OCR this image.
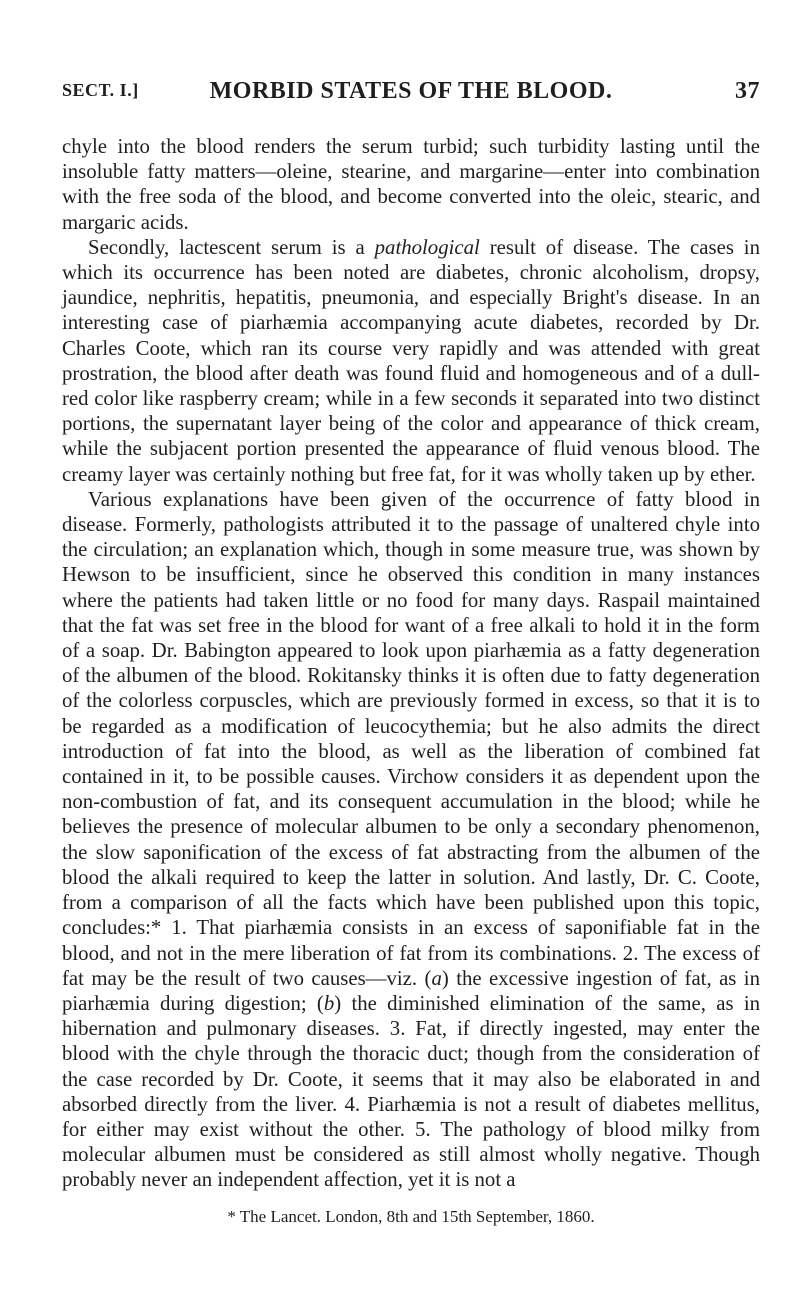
SECT. I.]	MORBID STATES OF THE BLOOD.	37

chyle into the blood renders the serum turbid; such turbidity lasting until the insoluble fatty matters—oleine, stearine, and margarine—enter into combination with the free soda of the blood, and become converted into the oleic, stearic, and margaric acids.

Secondly, lactescent serum is a pathological result of disease. The cases in which its occurrence has been noted are diabetes, chronic alcoholism, dropsy, jaundice, nephritis, hepatitis, pneumonia, and especially Bright's disease. In an interesting case of piarhæmia accompanying acute diabetes, recorded by Dr. Charles Coote, which ran its course very rapidly and was attended with great prostration, the blood after death was found fluid and homogeneous and of a dull-red color like raspberry cream; while in a few seconds it separated into two distinct portions, the supernatant layer being of the color and appearance of thick cream, while the subjacent portion presented the appearance of fluid venous blood. The creamy layer was certainly nothing but free fat, for it was wholly taken up by ether.

Various explanations have been given of the occurrence of fatty blood in disease. Formerly, pathologists attributed it to the passage of unaltered chyle into the circulation; an explanation which, though in some measure true, was shown by Hewson to be insufficient, since he observed this condition in many instances where the patients had taken little or no food for many days. Raspail maintained that the fat was set free in the blood for want of a free alkali to hold it in the form of a soap. Dr. Babington appeared to look upon piarhæmia as a fatty degeneration of the albumen of the blood. Rokitansky thinks it is often due to fatty degeneration of the colorless corpuscles, which are previously formed in excess, so that it is to be regarded as a modification of leucocythemia; but he also admits the direct introduction of fat into the blood, as well as the liberation of combined fat contained in it, to be possible causes. Virchow considers it as dependent upon the non-combustion of fat, and its consequent accumulation in the blood; while he believes the presence of molecular albumen to be only a secondary phenomenon, the slow saponification of the excess of fat abstracting from the albumen of the blood the alkali required to keep the latter in solution. And lastly, Dr. C. Coote, from a comparison of all the facts which have been published upon this topic, concludes:* 1. That piarhæmia consists in an excess of saponifiable fat in the blood, and not in the mere liberation of fat from its combinations. 2. The excess of fat may be the result of two causes—viz. (a) the excessive ingestion of fat, as in piarhæmia during digestion; (b) the diminished elimination of the same, as in hibernation and pulmonary diseases. 3. Fat, if directly ingested, may enter the blood with the chyle through the thoracic duct; though from the consideration of the case recorded by Dr. Coote, it seems that it may also be elaborated in and absorbed directly from the liver. 4. Piarhæmia is not a result of diabetes mellitus, for either may exist without the other. 5. The pathology of blood milky from molecular albumen must be considered as still almost wholly negative. Though probably never an independent affection, yet it is not a

* The Lancet. London, 8th and 15th September, 1860.
